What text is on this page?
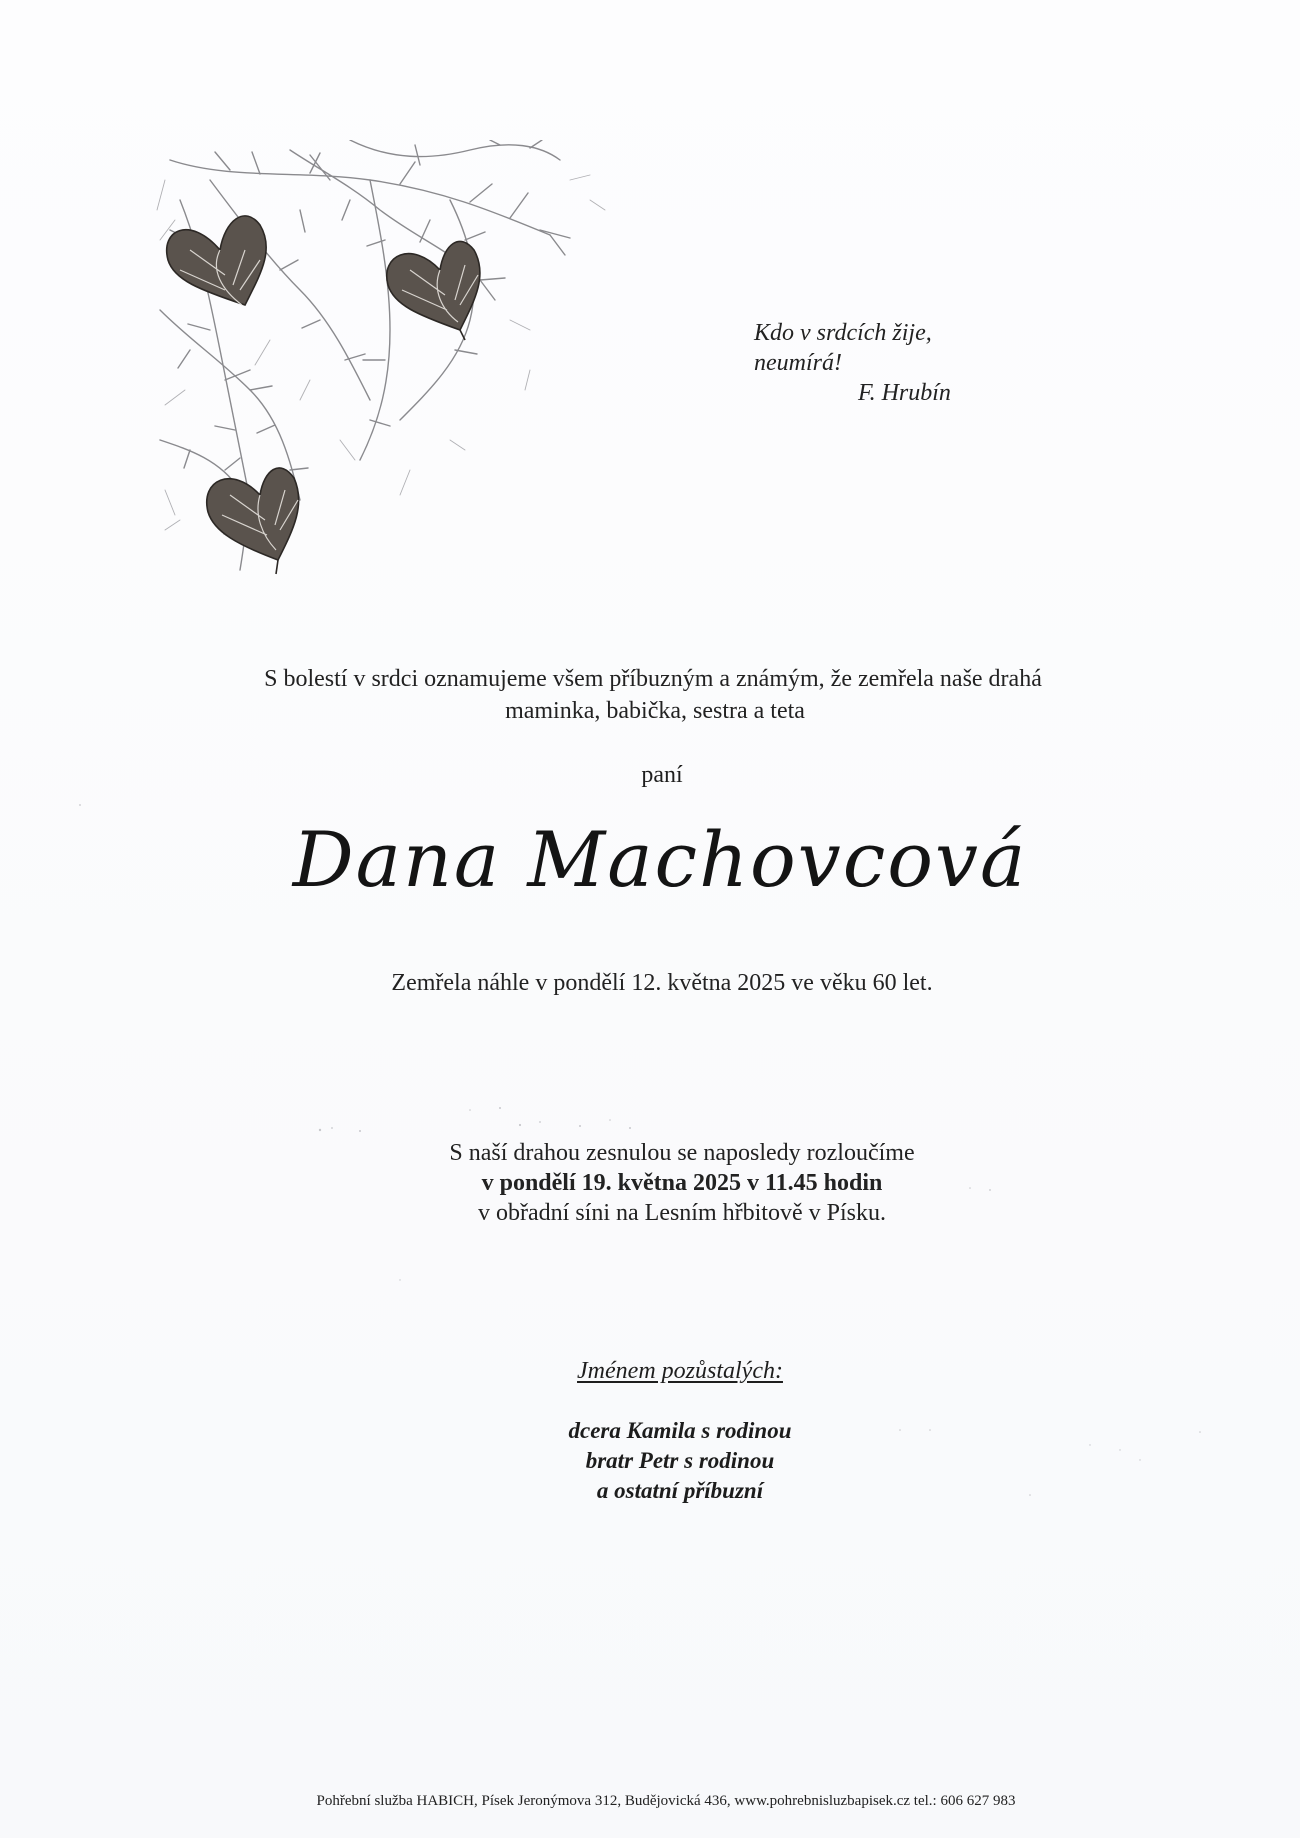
Kdo v srdcích žije,
neumírá!
F. Hrubín
S bolestí v srdci oznamujeme všem příbuzným a známým, že zemřela naše drahá
maminka, babička, sestra a teta
paní
Dana Machovcová
Zemřela náhle v pondělí 12. května 2025 ve věku 60 let.
S naší drahou zesnulou se naposledy rozloučíme
v pondělí 19. května 2025 v 11.45 hodin
v obřadní síni na Lesním hřbitově v Písku.
Jménem pozůstalých:
dcera Kamila s rodinou
bratr Petr s rodinou
a ostatní příbuzní
Pohřební služba HABICH, Písek Jeronýmova 312, Budějovická 436, www.pohrebnisluzbapisek.cz tel.: 606 627 983
